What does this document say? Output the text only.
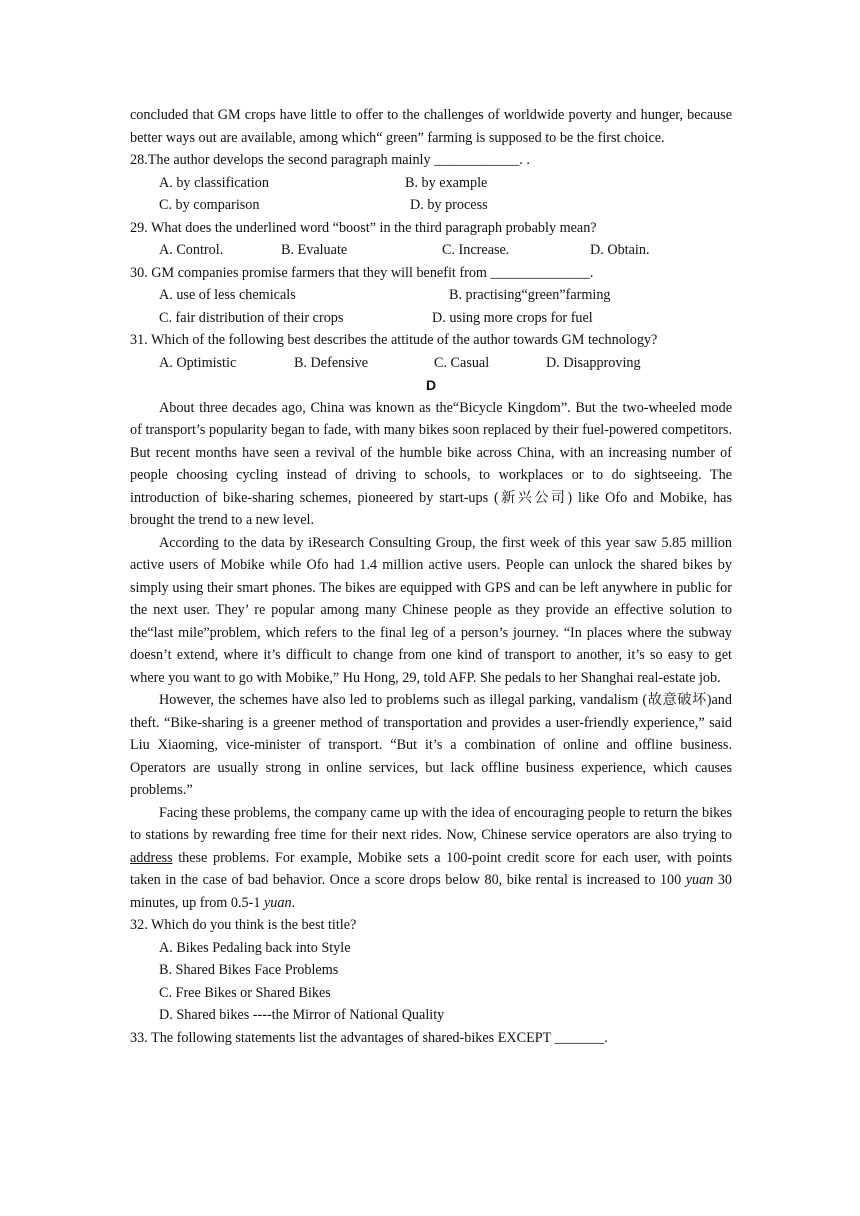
concluded that GM crops have little to offer to the challenges of worldwide poverty and hunger, because better ways out are available, among which“ green” farming is supposed to be the first choice.

28.The author develops the second paragraph mainly ____________. .

A. by classification	B. by example

C. by comparison	D. by process

29. What does the underlined word “boost” in the third paragraph probably mean?

A. Control.	B. Evaluate	C. Increase.	D. Obtain.

30. GM companies promise farmers that they will benefit from ______________.

A. use of less chemicals	B. practising“green”farming

C. fair distribution of their crops	D. using more crops for fuel

31. Which of the following best describes the attitude of the author towards GM technology?

A. Optimistic	B. Defensive	C. Casual	D. Disapproving

D

About three decades ago, China was known as the“Bicycle Kingdom”. But the two-wheeled mode of transport’s popularity began to fade, with many bikes soon replaced by their fuel-powered competitors. But recent months have seen a revival of the humble bike across China, with an increasing number of people choosing cycling instead of driving to schools, to workplaces or to do sightseeing. The introduction of bike-sharing schemes, pioneered by start-ups (新兴公司) like Ofo and Mobike, has brought the trend to a new level.

According to the data by iResearch Consulting Group, the first week of this year saw 5.85 million active users of Mobike while Ofo had 1.4 million active users. People can unlock the shared bikes by simply using their smart phones. The bikes are equipped with GPS and can be left anywhere in public for the next user. They’ re popular among many Chinese people as they provide an effective solution to the“last mile”problem, which refers to the final leg of a person’s journey. “In places where the subway doesn’t extend, where it’s difficult to change from one kind of transport to another, it’s so easy to get where you want to go with Mobike,” Hu Hong, 29, told AFP. She pedals to her Shanghai real-estate job.

However, the schemes have also led to problems such as illegal parking, vandalism (故意破坏)and theft. “Bike-sharing is a greener method of transportation and provides a user-friendly experience,” said Liu Xiaoming, vice-minister of transport. “But it’s a combination of online and offline business. Operators are usually strong in online services, but lack offline business experience, which causes problems.”

Facing these problems, the company came up with the idea of encouraging people to return the bikes to stations by rewarding free time for their next rides. Now, Chinese service operators are also trying to address these problems. For example, Mobike sets a 100-point credit score for each user, with points taken in the case of bad behavior. Once a score drops below 80, bike rental is increased to 100 yuan 30 minutes, up from 0.5-1 yuan.

32. Which do you think is the best title?

A. Bikes Pedaling back into Style

B. Shared Bikes Face Problems

C. Free Bikes or Shared Bikes

D. Shared bikes ----the Mirror of National Quality

33. The following statements list the advantages of shared-bikes EXCEPT _______.
